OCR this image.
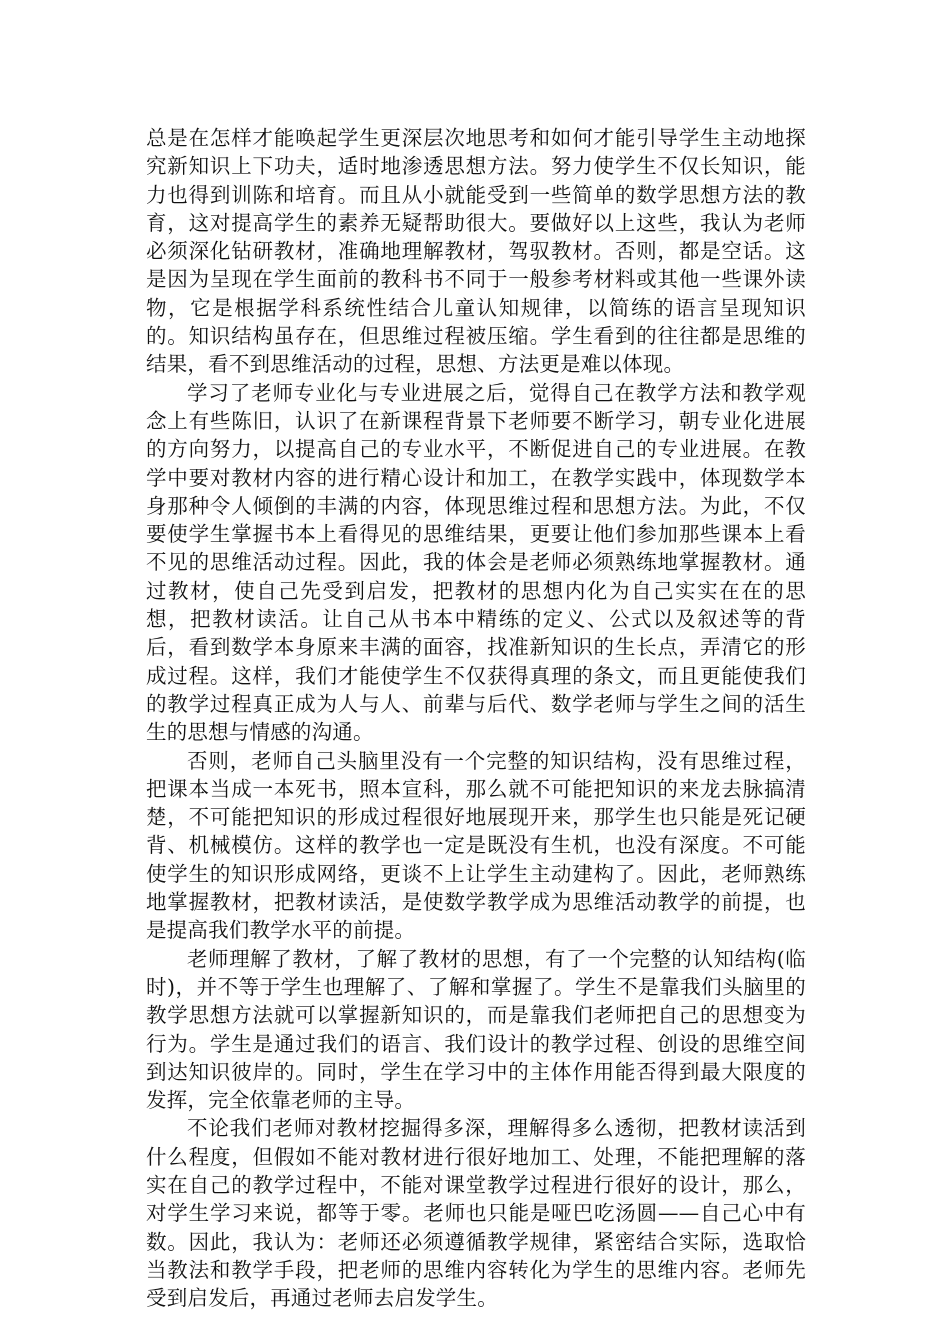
总是在怎样才能唤起学生更深层次地思考和如何才能引导学生主动地探究新知识上下功夫，适时地渗透思想方法。努力使学生不仅长知识，能力也得到训陈和培育。而且从小就能受到一些简单的数学思想方法的教育，这对提高学生的素养无疑帮助很大。要做好以上这些，我认为老师必须深化钻研教材，准确地理解教材，驾驭教材。否则，都是空话。这是因为呈现在学生面前的教科书不同于一般参考材料或其他一些课外读物，它是根据学科系统性结合儿童认知规律，以简练的语言呈现知识的。知识结构虽存在，但思维过程被压缩。学生看到的往往都是思维的结果，看不到思维活动的过程，思想、方法更是难以体现。

学习了老师专业化与专业进展之后，觉得自己在教学方法和教学观念上有些陈旧，认识了在新课程背景下老师要不断学习，朝专业化进展的方向努力，以提高自己的专业水平，不断促进自己的专业进展。在教学中要对教材内容的进行精心设计和加工，在教学实践中，体现数学本身那种令人倾倒的丰满的内容，体现思维过程和思想方法。为此，不仅要使学生掌握书本上看得见的思维结果，更要让他们参加那些课本上看不见的思维活动过程。因此，我的体会是老师必须熟练地掌握教材。通过教材，使自己先受到启发，把教材的思想内化为自己实实在在的思想，把教材读活。让自己从书本中精练的定义、公式以及叙述等的背后，看到数学本身原来丰满的面容，找准新知识的生长点，弄清它的形成过程。这样，我们才能使学生不仅获得真理的条文，而且更能使我们的教学过程真正成为人与人、前辈与后代、数学老师与学生之间的活生生的思想与情感的沟通。

否则，老师自己头脑里没有一个完整的知识结构，没有思维过程，把课本当成一本死书，照本宣科，那么就不可能把知识的来龙去脉搞清楚，不可能把知识的形成过程很好地展现开来，那学生也只能是死记硬背、机械模仿。这样的教学也一定是既没有生机，也没有深度。不可能使学生的知识形成网络，更谈不上让学生主动建构了。因此，老师熟练地掌握教材，把教材读活，是使数学教学成为思维活动教学的前提，也是提高我们教学水平的前提。

老师理解了教材，了解了教材的思想，有了一个完整的认知结构(临时)，并不等于学生也理解了、了解和掌握了。学生不是靠我们头脑里的教学思想方法就可以掌握新知识的，而是靠我们老师把自己的思想变为行为。学生是通过我们的语言、我们设计的教学过程、创设的思维空间到达知识彼岸的。同时，学生在学习中的主体作用能否得到最大限度的发挥，完全依靠老师的主导。

不论我们老师对教材挖掘得多深，理解得多么透彻，把教材读活到什么程度，但假如不能对教材进行很好地加工、处理，不能把理解的落实在自己的教学过程中，不能对课堂教学过程进行很好的设计，那么，对学生学习来说，都等于零。老师也只能是哑巴吃汤圆——自己心中有数。因此，我认为：老师还必须遵循教学规律，紧密结合实际，选取恰当教法和教学手段，把老师的思维内容转化为学生的思维内容。老师先受到启发后，再通过老师去启发学生。
